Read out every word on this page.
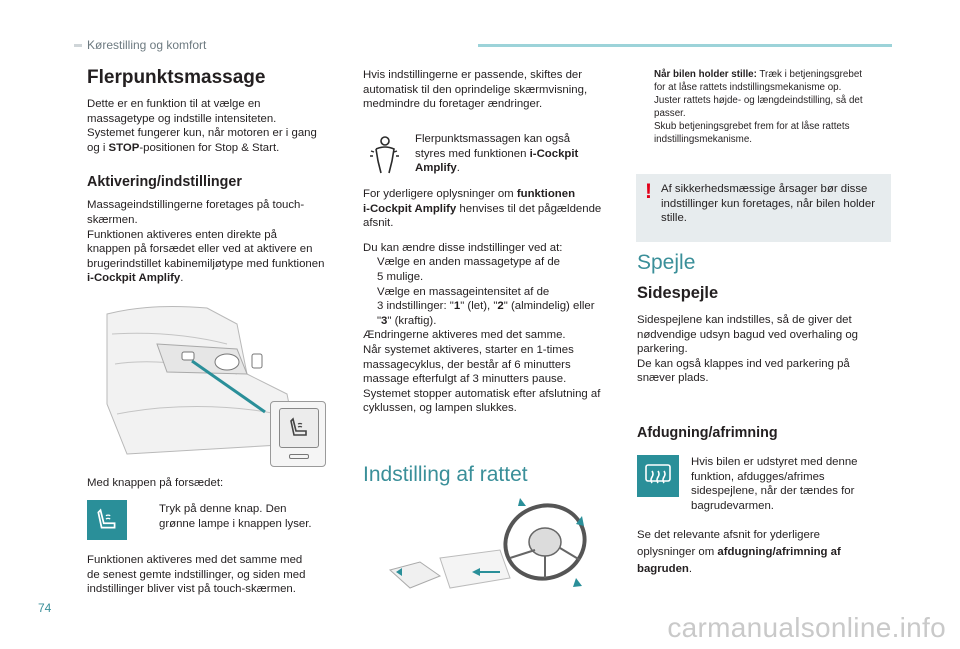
Kørestilling og komfort
Flerpunktsmassage

Dette er en funktion til at vælge en
massagetype og indstille intensiteten.
Systemet fungerer kun, når motoren er i gang
og i STOP-positionen for Stop & Start.

Aktivering/indstillinger

Massageindstillingerne foretages på touch-
skærmen.
Funktionen aktiveres enten direkte på
knappen på forsædet eller ved at aktivere en
brugerindstillet kabinemiljøtype med funktionen
i-Cockpit Amplify.

Med knappen på forsædet:

Tryk på denne knap. Den
grønne lampe i knappen lyser.

Funktionen aktiveres med det samme med
de senest gemte indstillinger, og siden med
indstillinger bliver vist på touch-skærmen.

Hvis indstillingerne er passende, skiftes der
automatisk til den oprindelige skærmvisning,
medmindre du foretager ændringer.

Flerpunktsmassagen kan også
styres med funktionen i-Cockpit
Amplify.

For yderligere oplysninger om funktionen
i-Cockpit Amplify henvises til det pågældende
afsnit.

Du kan ændre disse indstillinger ved at:

Vælge en anden massagetype af de
5 mulige.
Vælge en massageintensitet af de
3 indstillinger: "1" (let), "2" (almindelig) eller
"3" (kraftig).

Ændringerne aktiveres med det samme.
Når systemet aktiveres, starter en 1-times
massagecyklus, der består af 6 minutters
massage efterfulgt af 3 minutters pause.
Systemet stopper automatisk efter afslutning af
cyklussen, og lampen slukkes.

Indstilling af rattet
Når bilen holder stille: Træk i betjeningsgrebet
for at låse rattets indstillingsmekanisme op.
Juster rattets højde- og længdeindstilling, så det
passer.
Skub betjeningsgrebet frem for at låse rattets
indstillingsmekanisme.
! Af sikkerhedsmæssige årsager bør disse
indstillinger kun foretages, når bilen holder
stille.
Spejle
Sidespejle

Sidespejlene kan indstilles, så de giver det
nødvendige udsyn bagud ved overhaling og
parkering.
De kan også klappes ind ved parkering på
snæver plads.

Afdugning/afrimning

Hvis bilen er udstyret med denne
funktion, afdugges/afrimes
sidespejlene, når der tændes for
bagrudevarmen.

Se det relevante afsnit for yderligere
oplysninger om afdugning/afrimning af
bagruden.

74
carmanualsonline.info
